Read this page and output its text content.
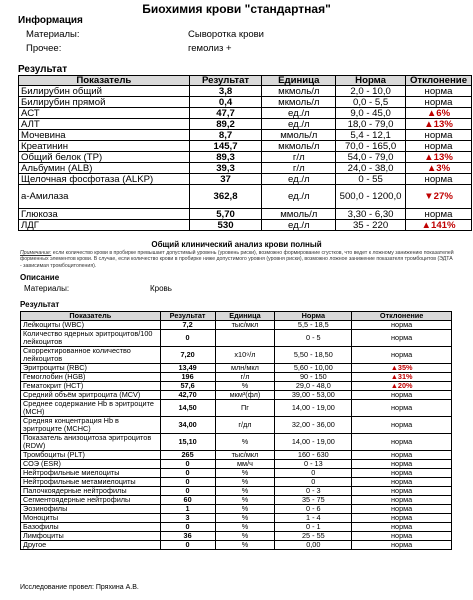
Биохимия крови "стандартная"
Информация
Материалы:	Сыворотка крови
Прочее:	гемолиз +
Результат
Показатель	Результат	Единица	Норма	Отклонение
Билирубин общий	3,8	мкмоль/л	2,0 - 10,0	норма
Билирубин прямой	0,4	мкмоль/л	0,0 - 5,5	норма
АСТ	47,7	ед./л	9,0 - 45,0	▲6%
АЛТ	89,2	ед./л	18,0 - 79,0	▲13%
Мочевина	8,7	ммоль/л	5,4 - 12,1	норма
Креатинин	145,7	мкмоль/л	70,0 - 165,0	норма
Общий белок (ТР)	89,3	г/л	54,0 - 79,0	▲13%
Альбумин (ALB)	39,3	г/л	24,0 - 38,0	▲3%
Щелочная фосфотаза (ALKP)	37	ед./л	0 - 55	норма
а-Амилаза	362,8	ед./л	500,0 - 1200,0	▼27%
Глюкоза	5,70	ммоль/л	3,30 - 6,30	норма
ЛДГ	530	ед./л	35 - 220	▲141%
Общий клинический анализ крови полный
Примечание: если количество крови в пробирке превышает допустимый уровень (уровень риски), возможно формирование сгустков, что ведет к ложному занижению показателей форменных элементов крови. В случае, если количество крови в пробирке ниже допустимого уровня (уровня риски), возможно ложное занижение показателя тромбоцитов (ЭДТА - зависимая тромбоцитопения).
Описание
Материалы:	Кровь
Результат
Показатель	Результат	Единица	Норма	Отклонение
Лейкоциты (WBC)	7,2	тыс/мкл	5,5 - 18,5	норма
Количество ядерных эритроцитов/100 лейкоцитов	0		0 - 5	норма
Скорректированное количество лейкоцитов	7,20	x10⁹/л	5,50 - 18,50	норма
Эритроциты (RBC)	13,49	млн/мкл	5,60 - 10,00	▲35%
Гемоглобин (HGB)	196	г/л	90 - 150	▲31%
Гематокрит (HCT)	57,6	%	29,0 - 48,0	▲20%
Средний объём эритроцита (MCV)	42,70	мкм³(фл)	39,00 - 53,00	норма
Среднее содержание Hb в эритроците (MCH)	14,50	Пг	14,00 - 19,00	норма
Средняя концентрация Hb в эритроците (MCHC)	34,00	г/дл	32,00 - 36,00	норма
Показатель анизоцитоза эритроцитов (RDW)	15,10	%	14,00 - 19,00	норма
Тромбоциты (PLT)	265	тыс/мкл	160 - 630	норма
СОЭ (ESR)	0	мм/ч	0 - 13	норма
Нейтрофильные миелоциты	0	%	0	норма
Нейтрофильные метамиелоциты	0	%	0	норма
Палочкоядерные нейтрофилы	0	%	0 - 3	норма
Сегментоядерные нейтрофилы	60	%	35 - 75	норма
Эозинофилы	1	%	0 - 6	норма
Моноциты	3	%	1 - 4	норма
Базофилы	0	%	0 - 1	норма
Лимфоциты	36	%	25 - 55	норма
Другое	0	%	0,00	норма
Исследование провел: Пряхина А.В.
